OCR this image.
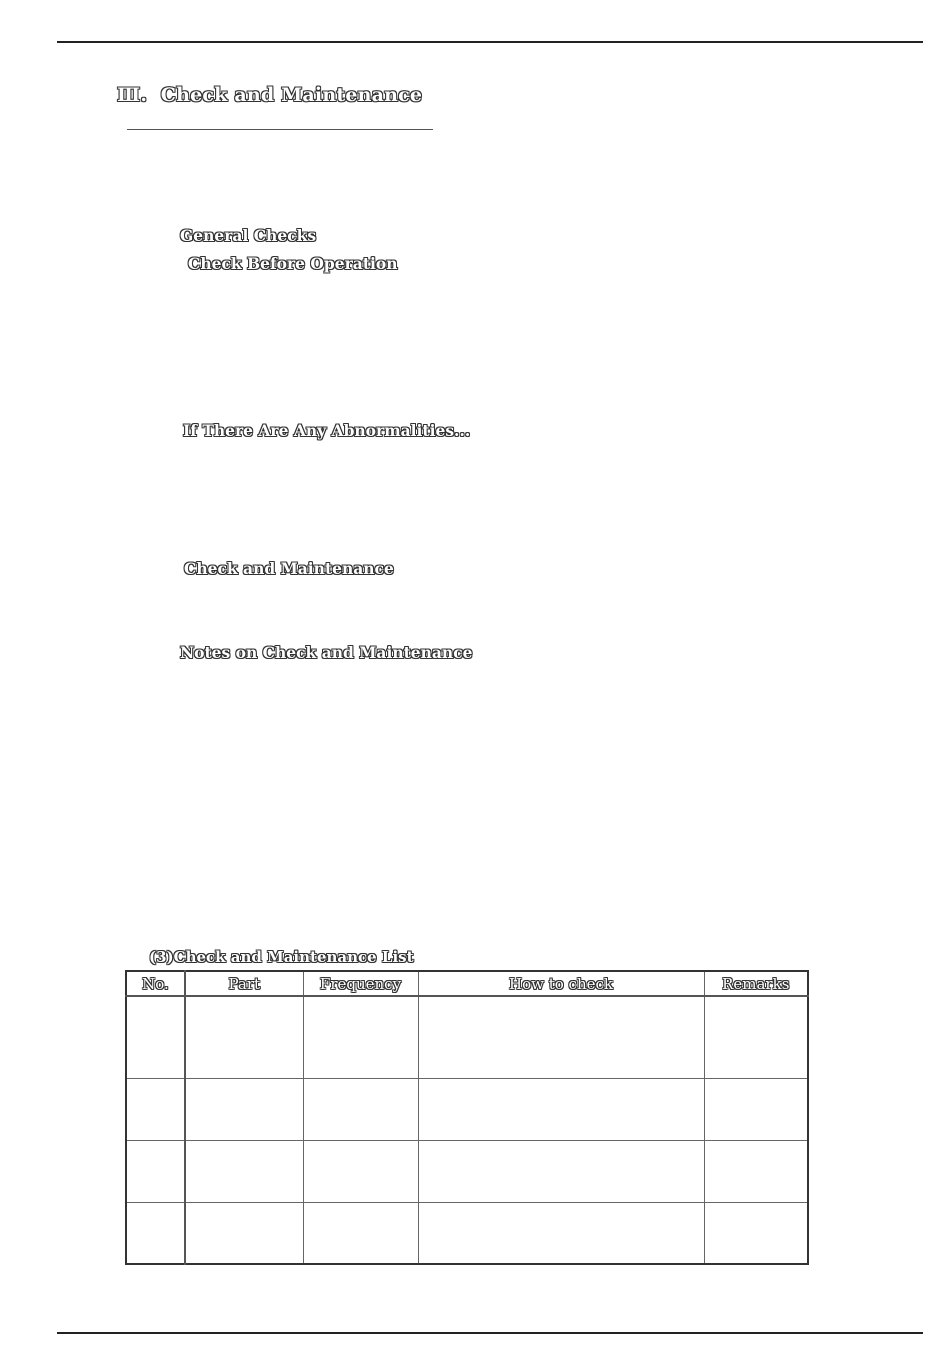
Ⅲ.  Check and Maintenance
General Checks
Check Before Operation
If There Are Any Abnormalities...
Check and Maintenance
Notes on Check and Maintenance
(3)Check and Maintenance List
No.	Part	Frequency	How to check	Remarks
